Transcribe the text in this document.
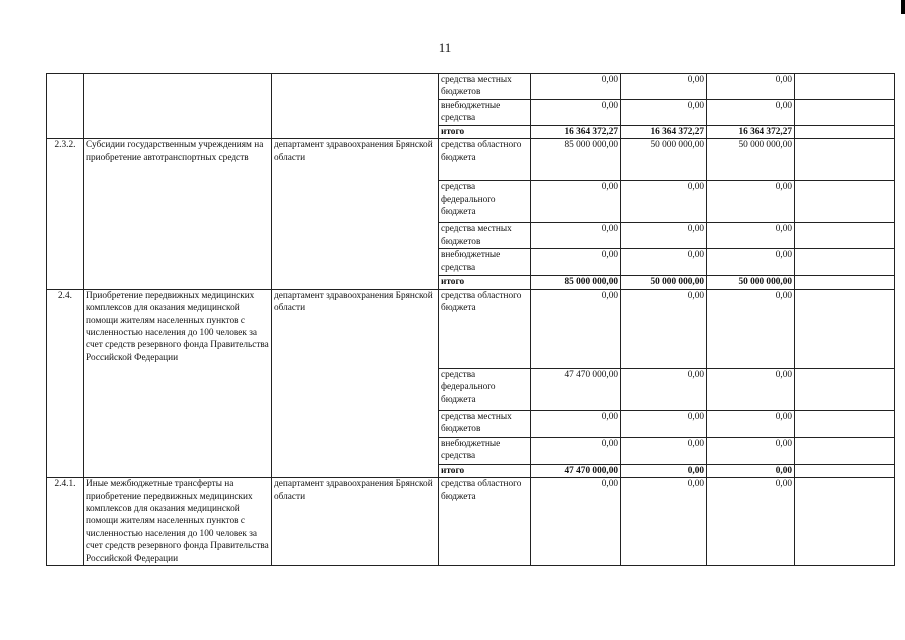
11
			средства местных бюджетов	0,00	0,00	0,00	
			внебюджетные средства	0,00	0,00	0,00	
			итого	16 364 372,27	16 364 372,27	16 364 372,27	
2.3.2.	Субсидии государственным учреждениям на приобретение автотранспортных средств	департамент здравоохранения Брянской области	средства областного бюджета	85 000 000,00	50 000 000,00	50 000 000,00	
			средства федерального бюджета	0,00	0,00	0,00	
			средства местных бюджетов	0,00	0,00	0,00	
			внебюджетные средства	0,00	0,00	0,00	
			итого	85 000 000,00	50 000 000,00	50 000 000,00	
2.4.	Приобретение передвижных медицинских комплексов для оказания медицинской помощи жителям населенных пунктов с численностью населения до 100 человек за счет средств резервного фонда Правительства Российской Федерации	департамент здравоохранения Брянской области	средства областного бюджета	0,00	0,00	0,00	
			средства федерального бюджета	47 470 000,00	0,00	0,00	
			средства местных бюджетов	0,00	0,00	0,00	
			внебюджетные средства	0,00	0,00	0,00	
			итого	47 470 000,00	0,00	0,00	
2.4.1.	Иные межбюджетные трансферты на приобретение передвижных медицинских комплексов для оказания медицинской помощи жителям населенных пунктов с численностью населения до 100 человек за счет средств резервного фонда Правительства Российской Федерации	департамент здравоохранения Брянской области	средства областного бюджета	0,00	0,00	0,00	
